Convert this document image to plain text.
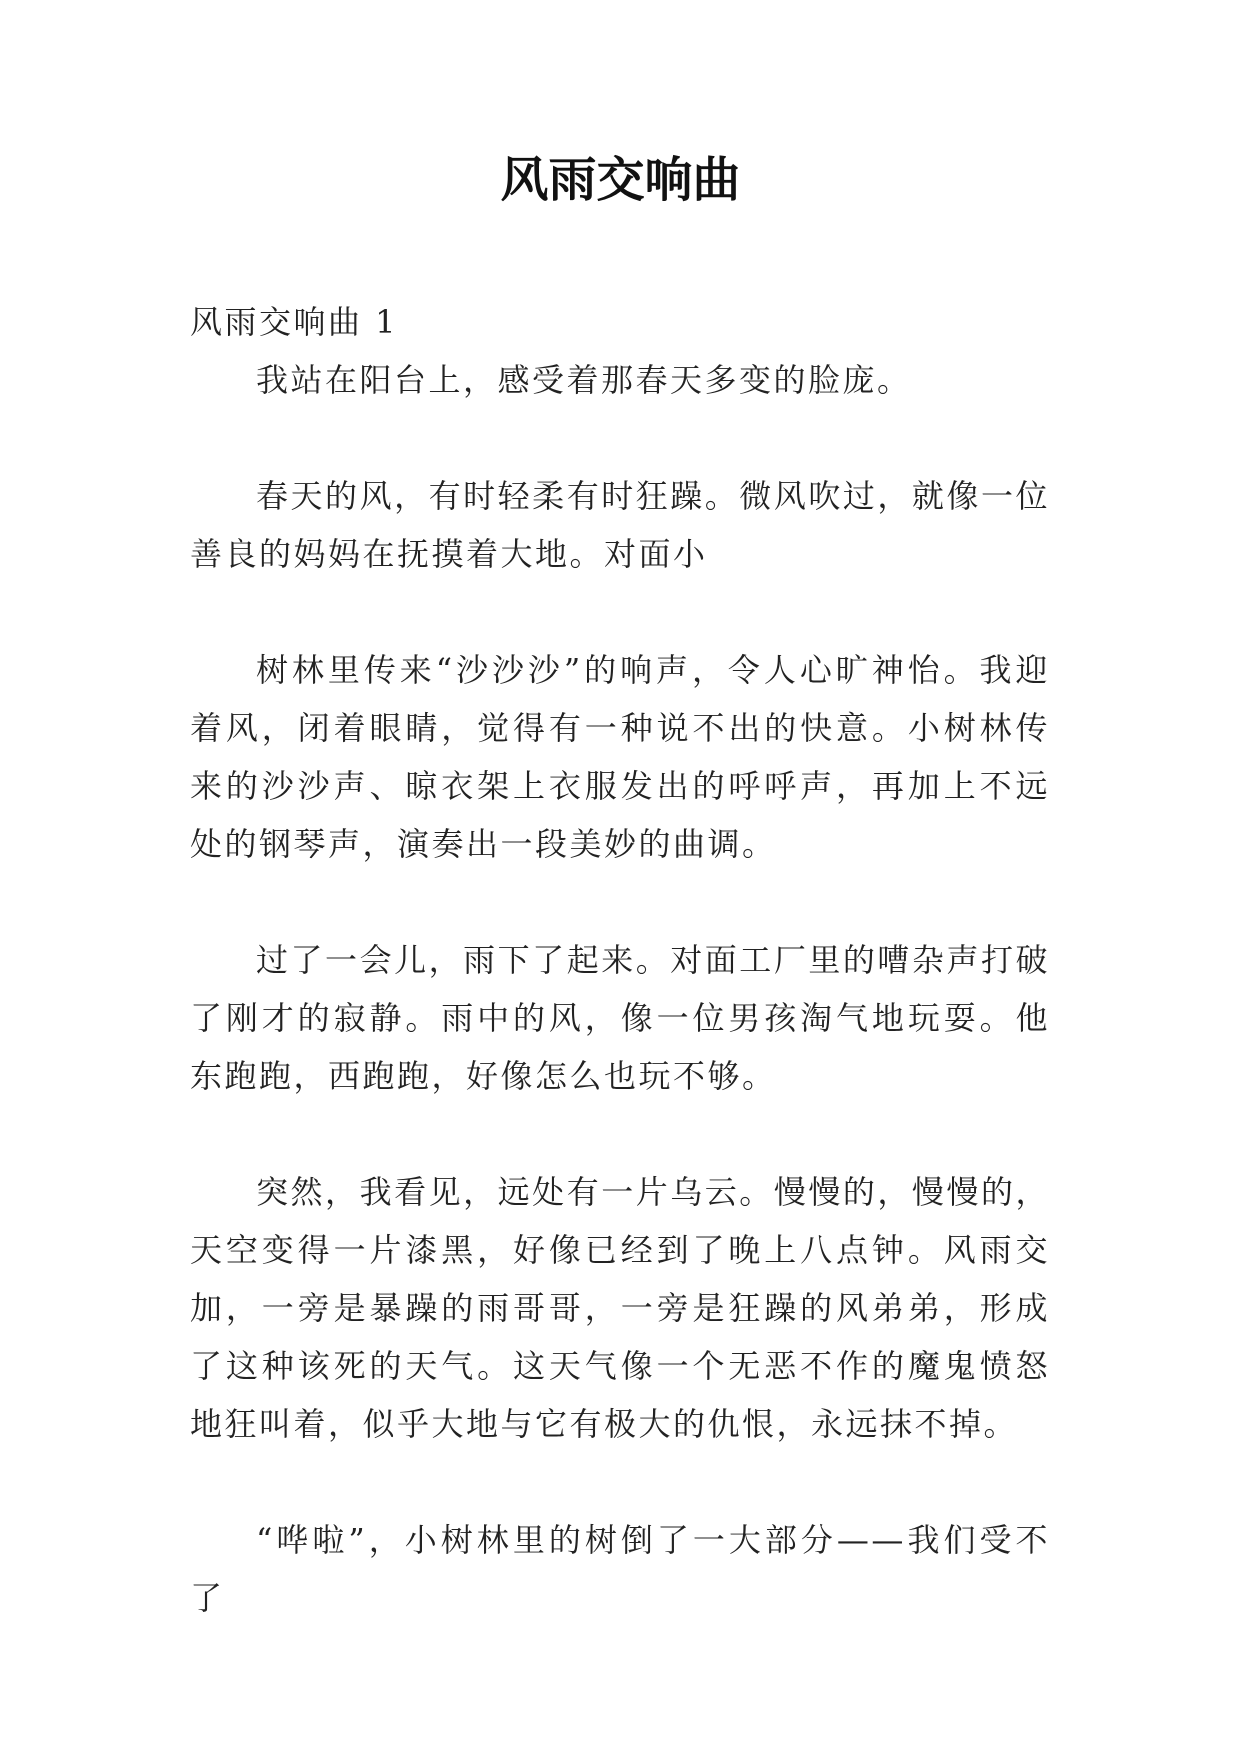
风雨交响曲
风雨交响曲 1

我站在阳台上，感受着那春天多变的脸庞。

春天的风，有时轻柔有时狂躁。微风吹过，就像一位善良的妈妈在抚摸着大地。对面小

树林里传来“沙沙沙”的响声，令人心旷神怡。我迎着风，闭着眼睛，觉得有一种说不出的快意。小树林传来的沙沙声、晾衣架上衣服发出的呼呼声，再加上不远处的钢琴声，演奏出一段美妙的曲调。

过了一会儿，雨下了起来。对面工厂里的嘈杂声打破了刚才的寂静。雨中的风，像一位男孩淘气地玩耍。他东跑跑，西跑跑，好像怎么也玩不够。

突然，我看见，远处有一片乌云。慢慢的，慢慢的，天空变得一片漆黑，好像已经到了晚上八点钟。风雨交加，一旁是暴躁的雨哥哥，一旁是狂躁的风弟弟，形成了这种该死的天气。这天气像一个无恶不作的魔鬼愤怒地狂叫着，似乎大地与它有极大的仇恨，永远抹不掉。

“哗啦”，小树林里的树倒了一大部分——我们受不了
